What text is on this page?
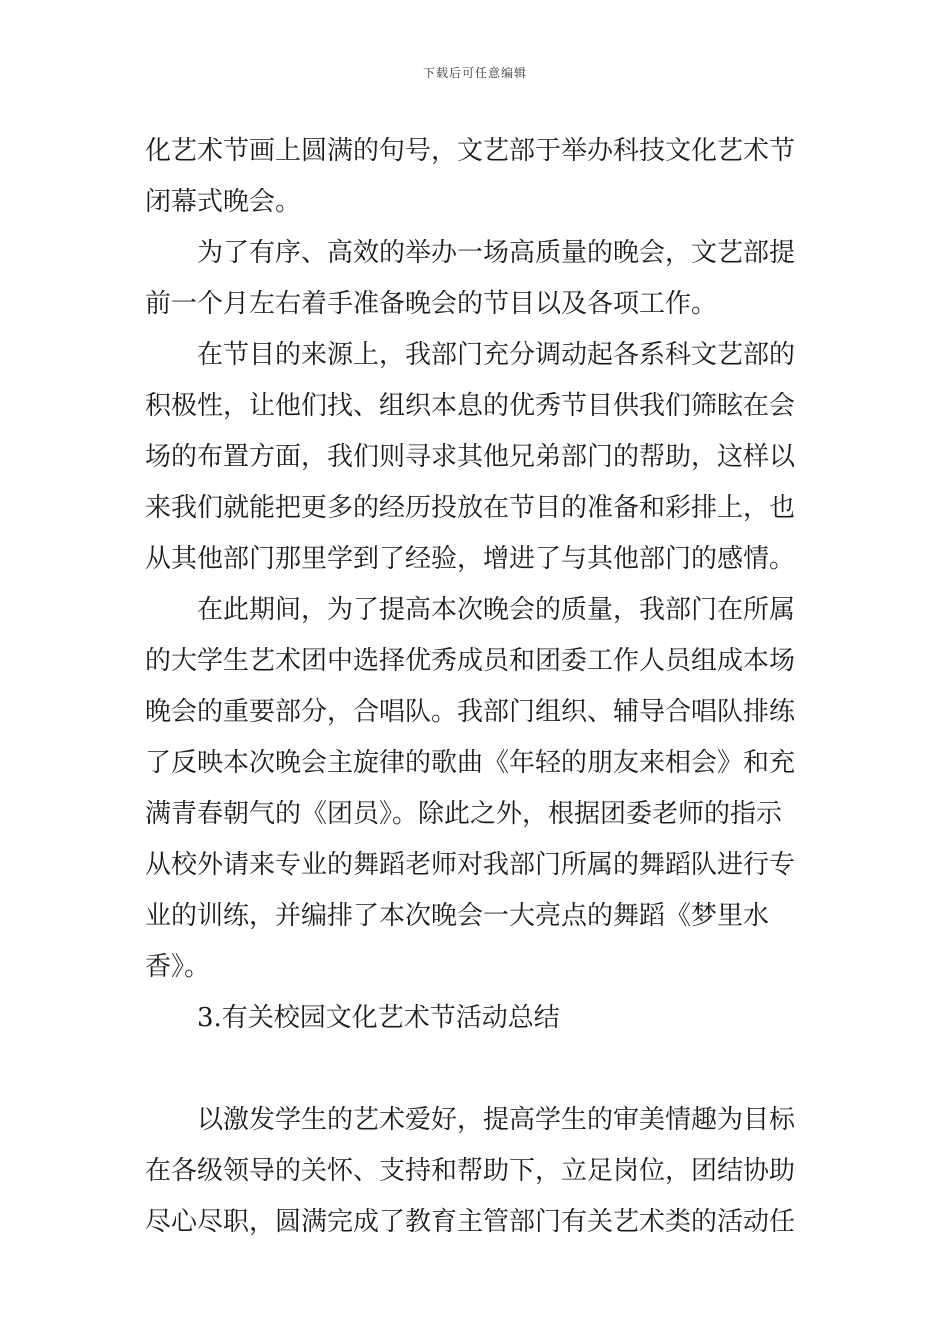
下载后可任意编辑
化艺术节画上圆满的句号，文艺部于举办科技文化艺术节
闭幕式晚会。
为了有序、高效的举办一场高质量的晚会，文艺部提
前一个月左右着手准备晚会的节目以及各项工作。
在节目的来源上，我部门充分调动起各系科文艺部的
积极性，让他们找、组织本息的优秀节目供我们筛眩在会
场的布置方面，我们则寻求其他兄弟部门的帮助，这样以
来我们就能把更多的经历投放在节目的准备和彩排上，也
从其他部门那里学到了经验，增进了与其他部门的感情。
在此期间，为了提高本次晚会的质量，我部门在所属
的大学生艺术团中选择优秀成员和团委工作人员组成本场
晚会的重要部分，合唱队。我部门组织、辅导合唱队排练
了反映本次晚会主旋律的歌曲《年轻的朋友来相会》和充
满青春朝气的《团员》。除此之外，根据团委老师的指示
从校外请来专业的舞蹈老师对我部门所属的舞蹈队进行专
业的训练，并编排了本次晚会一大亮点的舞蹈《梦里水
香》。
3.有关校园文化艺术节活动总结
以激发学生的艺术爱好，提高学生的审美情趣为目标
在各级领导的关怀、支持和帮助下，立足岗位，团结协助
尽心尽职，圆满完成了教育主管部门有关艺术类的活动任
